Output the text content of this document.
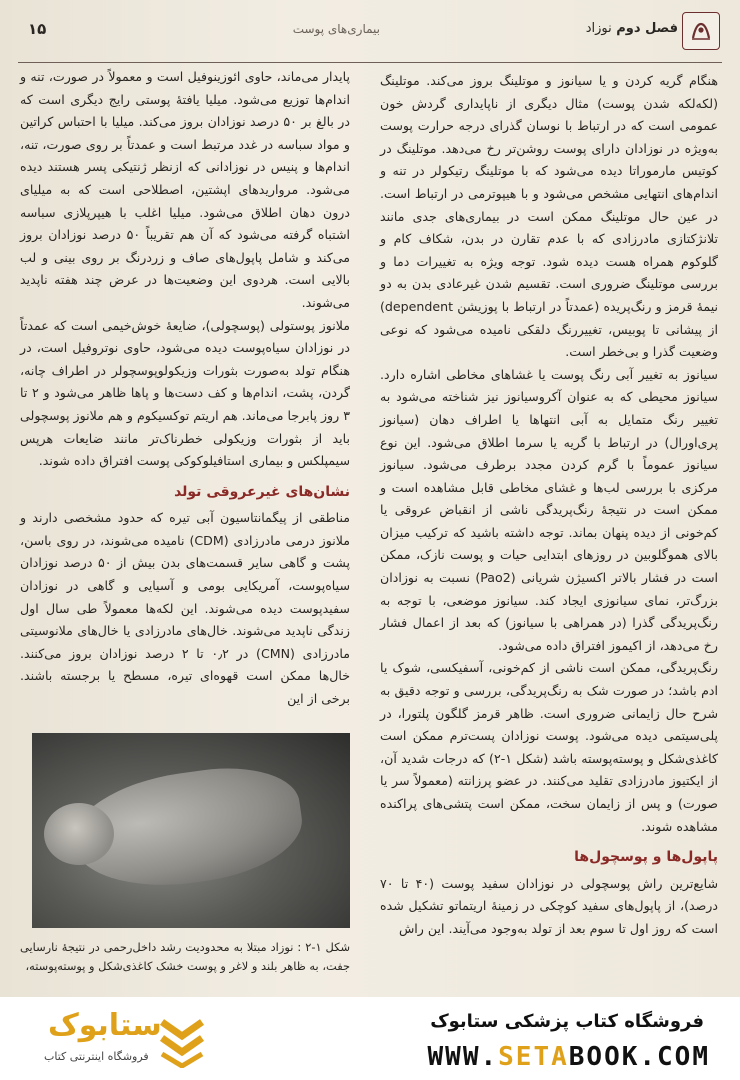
۱۵	بیماری‌های پوست	فصل دوم نوزاد

هنگام گریه کردن و یا سیانوز و موتلینگ بروز می‌کند. موتلینگ (لکه‌لکه شدن پوست) مثال دیگری از ناپایداری گردش خون عمومی است که در ارتباط با نوسان گذرای درجه حرارت پوست به‌ویژه در نوزادان دارای پوست روشن‌تر رخ می‌دهد. موتلینگ در کوتیس مارموراتا دیده می‌شود که با موتلینگ رتیکولر در تنه و اندام‌های انتهایی مشخص می‌شود و با هیپوترمی در ارتباط است. در عین حال موتلینگ ممکن است در بیماری‌های جدی مانند تلانژکتازی مادرزادی که با عدم تقارن در بدن، شکاف کام و گلوکوم همراه هست دیده شود. توجه ویژه به تغییرات دما و بررسی موتلینگ ضروری است. تقسیم شدن غیرعادی بدن به دو نیمهٔ قرمز و رنگ‌پریده (عمدتاً در ارتباط با پوزیشن dependent) از پیشانی تا پوبیس، تغییررنگ دلقکی نامیده می‌شود که نوعی وضعیت گذرا و بی‌خطر است.

سیانوز به تغییر آبی رنگ پوست یا غشاهای مخاطی اشاره دارد. سیانوز محیطی که به عنوان آکروسیانوز نیز شناخته می‌شود به تغییر رنگ متمایل به آبی انتهاها یا اطراف دهان (سیانوز پری‌اورال) در ارتباط با گریه یا سرما اطلاق می‌شود. این نوع سیانوز عموماً با گرم کردن مجدد برطرف می‌شود. سیانوز مرکزی با بررسی لب‌ها و غشای مخاطی قابل مشاهده است و ممکن است در نتیجهٔ رنگ‌پریدگی ناشی از انقباض عروقی یا کم‌خونی از دیده پنهان بماند. توجه داشته باشید که ترکیب میزان بالای هموگلوبین در روزهای ابتدایی حیات و پوست نازک، ممکن است در فشار بالاتر اکسیژن شریانی (Pao2) نسبت به نوزادان بزرگ‌تر، نمای سیانوزی ایجاد کند. سیانوز موضعی، با توجه به رنگ‌پریدگی گذرا (در همراهی با سیانوز) که بعد از اعمال فشار رخ می‌دهد، از اکیموز افتراق داده می‌شود.

رنگ‌پریدگی، ممکن است ناشی از کم‌خونی، آسفیکسی، شوک یا ادم باشد؛ در صورت شک به رنگ‌پریدگی، بررسی و توجه دقیق به شرح حال زایمانی ضروری است. ظاهر قرمز گلگون پلتورا، در پلی‌سیتمی دیده می‌شود. پوست نوزادان پست‌ترم ممکن است کاغذی‌شکل و پوسته‌پوسته باشد (شکل ۱-۲) که درجات شدید آن، از ایکتیوز مادرزادی تقلید می‌کنند. در عضو پرزانته (معمولاً سر یا صورت) و پس از زایمان سخت، ممکن است پتشی‌های پراکنده مشاهده شوند.

پاپول‌ها و پوسچول‌ها

شایع‌ترین راش پوسچولی در نوزادان سفید پوست (۴۰ تا ۷۰ درصد)، از پاپول‌های سفید کوچکی در زمینهٔ اریتماتو تشکیل شده است که روز اول تا سوم بعد از تولد به‌وجود می‌آیند. این راش

پایدار می‌ماند، حاوی ائوزینوفیل است و معمولاً در صورت، تنه و اندام‌ها توزیع می‌شود. میلیا یافتهٔ پوستی رایج دیگری است که در بالغ بر ۵۰ درصد نوزادان بروز می‌کند. میلیا با احتباس کراتین و مواد سباسه در غدد مرتبط است و عمدتاً بر روی صورت، تنه، اندام‌ها و پنیس در نوزادانی که ازنظر ژنتیکی پسر هستند دیده می‌شود. مرواریدهای اپشتین، اصطلاحی است که به میلیای درون دهان اطلاق می‌شود. میلیا اغلب با هیپرپلازی سباسه اشتباه گرفته می‌شود که آن هم تقریباً ۵۰ درصد نوزادان بروز می‌کند و شامل پاپول‌های صاف و زردرنگ بر روی بینی و لب بالایی است. هردوی این وضعیت‌ها در عرض چند هفته ناپدید می‌شوند.

ملانوز پوستولی (پوسچولی)، ضایعهٔ خوش‌خیمی است که عمدتاً در نوزادان سیاه‌پوست دیده می‌شود، حاوی نوتروفیل است، در هنگام تولد به‌صورت بثورات وزیکولوپوسچولر در اطراف چانه، گردن، پشت، اندام‌ها و کف دست‌ها و پاها ظاهر می‌شود و ۲ تا ۳ روز پابرجا می‌ماند. هم اریتم توکسیکوم و هم ملانوز پوسچولی باید از بثورات وزیکولی خطرناک‌تر مانند ضایعات هرپس سیمپلکس و بیماری استافیلوکوکی پوست افتراق داده شوند.

نشان‌های غیرعروقی تولد

مناطقی از پیگمانتاسیون آبی تیره که حدود مشخصی دارند و ملانوز درمی مادرزادی (CDM) نامیده می‌شوند، در روی باسن، پشت و گاهی سایر قسمت‌های بدن بیش از ۵۰ درصد نوزادان سیاه‌پوست، آمریکایی بومی و آسیایی و گاهی در نوزادان سفیدپوست دیده می‌شوند. این لکه‌ها معمولاً طی سال اول زندگی ناپدید می‌شوند. خال‌های مادرزادی یا خال‌های ملانوسیتی مادرزادی (CMN) در ۰٫۲ تا ۲ درصد نوزادان بروز می‌کنند. خال‌ها ممکن است قهوه‌ای تیره، مسطح یا برجسته باشند. برخی از این

شکل ۱-۲ : نوزاد مبتلا به محدودیت رشد داخل‌رحمی در نتیجهٔ نارسایی جفت، به ظاهر بلند و لاغر و پوست خشک کاغذی‌شکل و پوسته‌پوسته،
فروشگاه کتاب پزشکی ستابوک
WWW.SETABOOK.COM
ستابوک
فروشگاه اینترنتی کتاب
